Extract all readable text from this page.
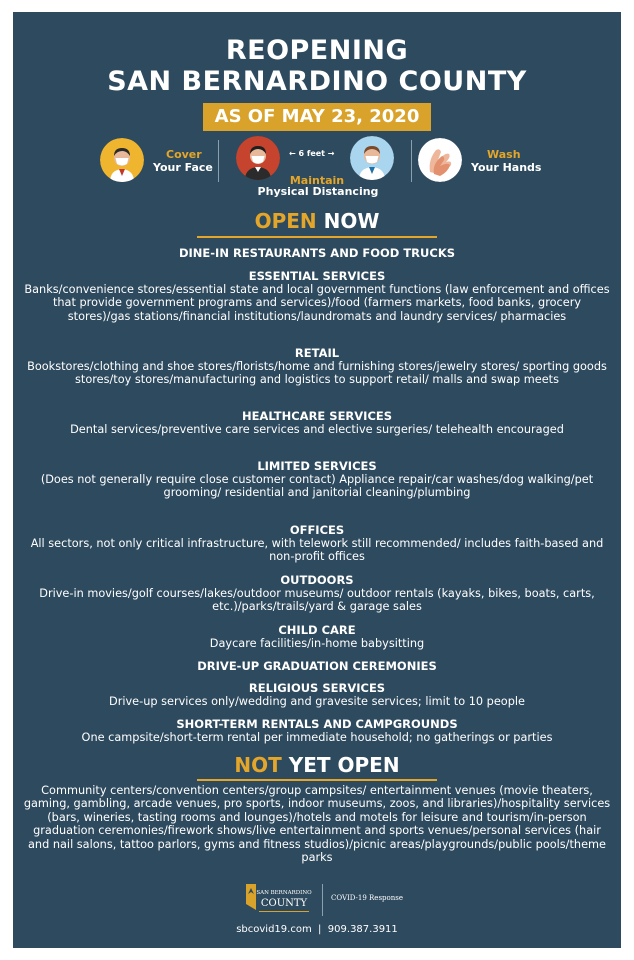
REOPENING
SAN BERNARDINO COUNTY
AS OF MAY 23, 2020
Cover
Your Face
← 6 feet →
Maintain
Physical Distancing
Wash
Your Hands
OPEN NOW
DINE-IN RESTAURANTS AND FOOD TRUCKS
ESSENTIAL SERVICES

Banks/convenience stores/essential state and local government functions (law enforcement and offices that provide government programs and services)/food (farmers markets, food banks, grocery stores)/gas stations/financial institutions/laundromats and laundry services/ pharmacies

RETAIL

Bookstores/clothing and shoe stores/florists/home and furnishing stores/jewelry stores/ sporting goods stores/toy stores/manufacturing and logistics to support retail/ malls and swap meets

HEALTHCARE SERVICES

Dental services/preventive care services and elective surgeries/ telehealth encouraged

LIMITED SERVICES

(Does not generally require close customer contact) Appliance repair/car washes/dog walking/pet grooming/ residential and janitorial cleaning/plumbing

OFFICES

All sectors, not only critical infrastructure, with telework still recommended/ includes faith-based and non-profit offices

OUTDOORS

Drive-in movies/golf courses/lakes/outdoor museums/ outdoor rentals (kayaks, bikes, boats, carts, etc.)/parks/trails/yard & garage sales

CHILD CARE

Daycare facilities/in-home babysitting

DRIVE-UP GRADUATION CEREMONIES
RELIGIOUS SERVICES

Drive-up services only/wedding and gravesite services; limit to 10 people

SHORT-TERM RENTALS AND CAMPGROUNDS

One campsite/short-term rental per immediate household; no gatherings or parties

NOT YET OPEN

Community centers/convention centers/group campsites/ entertainment venues (movie theaters, gaming, gambling, arcade venues, pro sports, indoor museums, zoos, and libraries)/hospitality services (bars, wineries, tasting rooms and lounges)/hotels and motels for leisure and tourism/in-person graduation ceremonies/firework shows/live entertainment and sports venues/personal services (hair and nail salons, tattoo parlors, gyms and fitness studios)/picnic areas/playgrounds/public pools/theme parks

SAN BERNARDINO
COUNTY	COVID-19 Response
sbcovid19.com  |  909.387.3911
